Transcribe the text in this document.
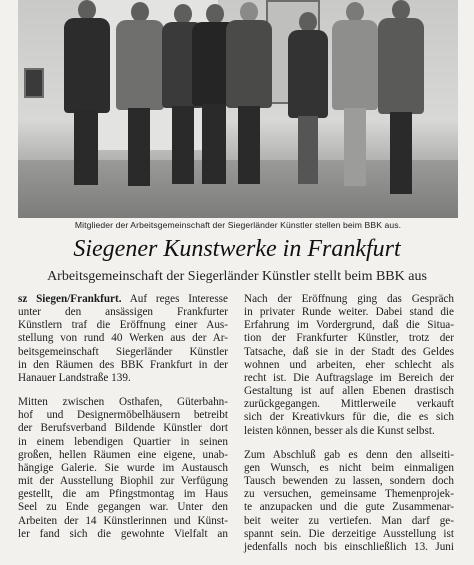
Mitglieder der Arbeitsgemeinschaft der Siegerländer Künstler stellen beim BBK aus.
Siegener Kunstwerke in Frankfurt
Arbeitsgemeinschaft der Siegerländer Künstler stellt beim BBK aus

sz Siegen/Frankfurt. Auf reges Interesse
unter den ansässigen Frankfurter
Künstlern traf die Eröffnung einer Aus-
stellung von rund 40 Werken aus der Ar-
beitsgemeinschaft Siegerländer Künstler
in den Räumen des BBK Frankfurt in der
Hanauer Landstraße 139.

Mitten zwischen Osthafen, Güterbahn-
hof und Designermöbelhäusern betreibt
der Berufsverband Bildende Künstler dort
in einem lebendigen Quartier in seinen
großen, hellen Räumen eine eigene, unab-
hängige Galerie. Sie wurde im Austausch
mit der Ausstellung Biophil zur Verfügung
gestellt, die am Pfingstmontag im Haus
Seel zu Ende gegangen war. Unter den
Arbeiten der 14 Künstlerinnen und Künst-
ler fand sich die gewohnte Vielfalt an

Nach der Eröffnung ging das Gespräch
in privater Runde weiter. Dabei stand die
Erfahrung im Vordergrund, daß die Situa-
tion der Frankfurter Künstler, trotz der
Tatsache, daß sie in der Stadt des Geldes
wohnen und arbeiten, eher schlecht als
recht ist. Die Auftragslage im Bereich der
Gestaltung ist auf allen Ebenen drastisch
zurückgegangen. Mittlerweile verkauft
sich der Kreativkurs für die, die es sich
leisten können, besser als die Kunst selbst.

Zum Abschluß gab es denn den allseiti-
gen Wunsch, es nicht beim einmaligen
Tausch bewenden zu lassen, sondern doch
zu versuchen, gemeinsame Themenprojek-
te anzupacken und die gute Zusammenar-
beit weiter zu vertiefen. Man darf ge-
spannt sein. Die derzeitige Ausstellung ist
jedenfalls noch bis einschließlich 13. Juni
